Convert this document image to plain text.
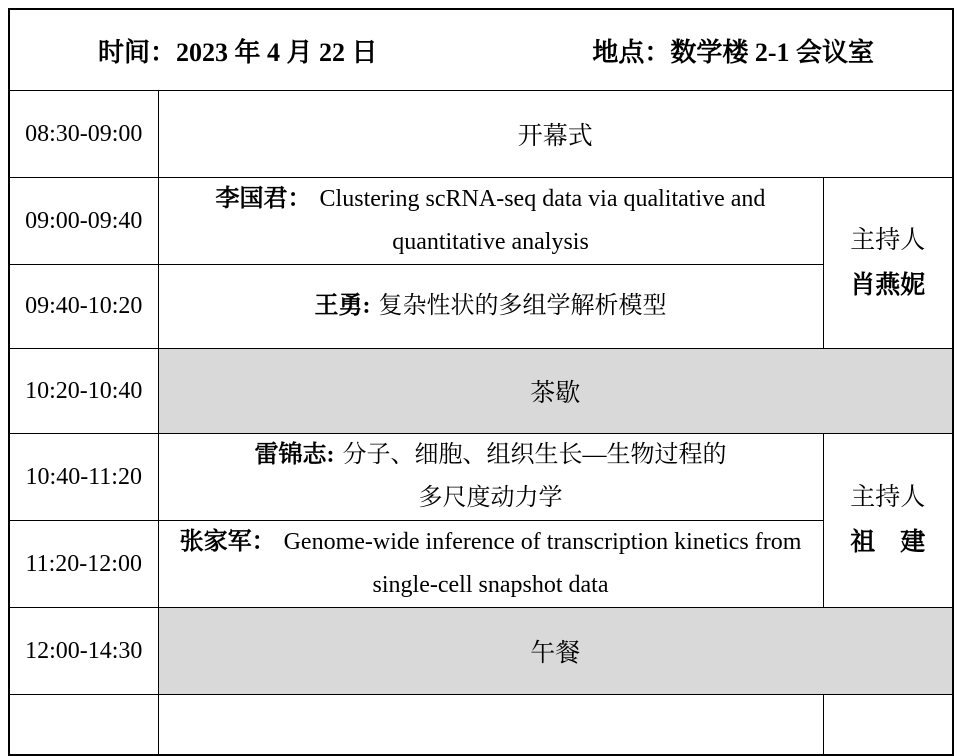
时间：2023 年 4 月 22 日 地点：数学楼 2-1 会议室		

08:30-09:00	开幕式	
09:00-09:40	李国君： Clustering scRNA-seq data via qualitative and quantitative analysis	主持人
肖燕妮

09:40-10:20	王勇: 复杂性状的多组学解析模型	

10:20-10:40	茶歇	
10:40-11:20	雷锦志: 分子、细胞、组织生长—生物过程的多尺度动力学	主持人
祖　建

11:20-12:00	张家军： Genome-wide inference of transcription kinetics from single-cell snapshot data	

12:00-14:30	午餐	
